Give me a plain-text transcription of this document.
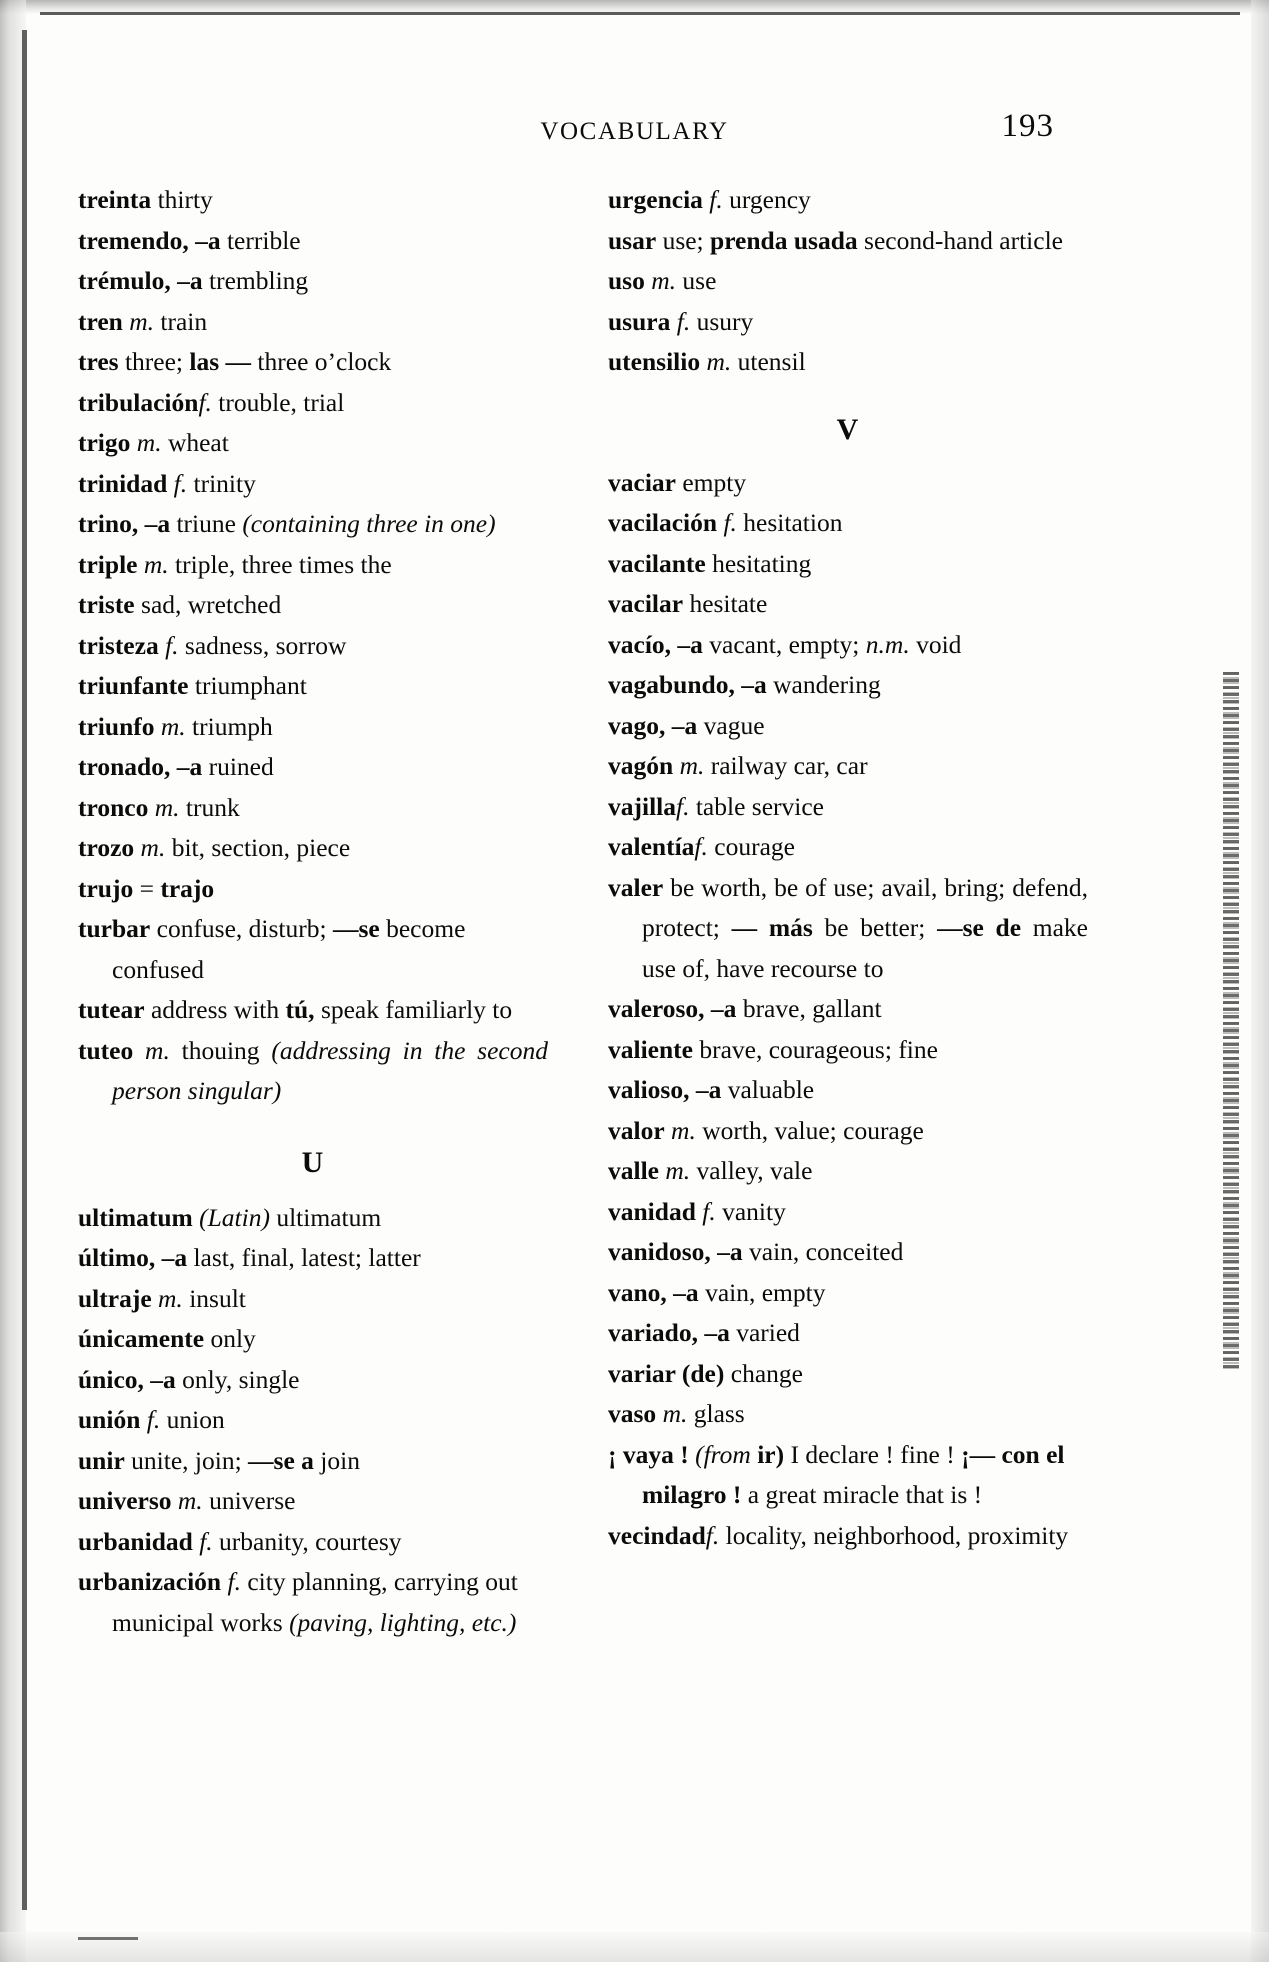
VOCABULARY	193

treinta thirty

tremendo, –a terrible

trémulo, –a trembling

tren m. train

tres three; las — three o’clock

tribulaciónf. trouble, trial

trigo m. wheat

trinidad f. trinity

trino, –a triune (containing three in one)

triple m. triple, three times the

triste sad, wretched

tristeza f. sadness, sorrow

triunfante triumphant

triunfo m. triumph

tronado, –a ruined

tronco m. trunk

trozo m. bit, section, piece

trujo = trajo

turbar confuse, disturb; —se become confused

tutear address with tú, speak familiarly to

tuteo m. thouing (addressing in the second person singular)

U

ultimatum (Latin) ultimatum

último, –a last, final, latest; latter

ultraje m. insult

únicamente only

único, –a only, single

unión f. union

unir unite, join; —se a join

universo m. universe

urbanidad f. urbanity, courtesy

urbanización f. city planning, carrying out municipal works (paving, lighting, etc.)

urgencia f. urgency

usar use; prenda usada second-hand article

uso m. use

usura f. usury

utensilio m. utensil

V

vaciar empty

vacilación f. hesitation

vacilante hesitating

vacilar hesitate

vacío, –a vacant, empty; n.m. void

vagabundo, –a wandering

vago, –a vague

vagón m. railway car, car

vajillaf. table service

valentíaf. courage

valer be worth, be of use; avail, bring; defend, protect; — más be better; —se de make use of, have recourse to

valeroso, –a brave, gallant

valiente brave, courageous; fine

valioso, –a valuable

valor m. worth, value; courage

valle m. valley, vale

vanidad f. vanity

vanidoso, –a vain, conceited

vano, –a vain, empty

variado, –a varied

variar (de) change

vaso m. glass

¡ vaya ! (from ir) I declare ! fine ! ¡— con el milagro ! a great miracle that is !

vecindadf. locality, neighborhood, proximity
